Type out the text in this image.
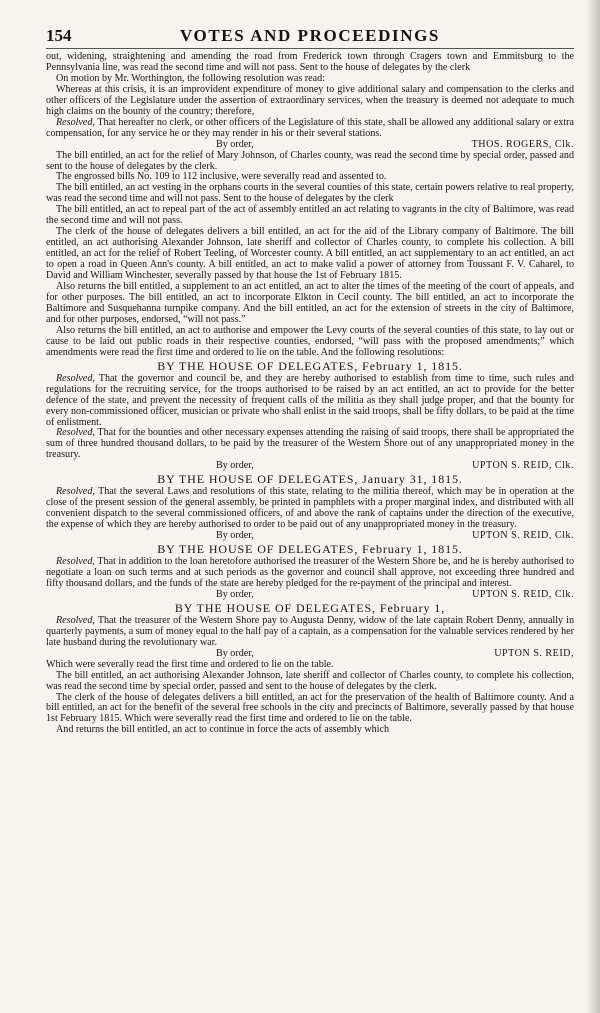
154	VOTES AND PROCEEDINGS

out, widening, straightening and amending the road from Frederick town through Cragers town and Emmitsburg to the Pennsylvania line, was read the second time and will not pass. Sent to the house of delegates by the clerk

On motion by Mr. Worthington, the following resolution was read:

Whereas at this crisis, it is an improvident expenditure of money to give additional salary and compensation to the clerks and other officers of the Legislature under the assertion of extraordinary services, when the treasury is deemed not adequate to much high claims on the bounty of the country; therefore,

Resolved, That hereafter no clerk, or other officers of the Legislature of this state, shall be allowed any additional salary or extra compensation, for any service he or they may render in his or their several stations.

By order,	THOS. ROGERS, Clk.

The bill entitled, an act for the relief of Mary Johnson, of Charles county, was read the second time by special order, passed and sent to the house of delegates by the clerk.

The engrossed bills No. 109 to 112 inclusive, were severally read and assented to.

The bill entitled, an act vesting in the orphans courts in the several counties of this state, certain powers relative to real property, was read the second time and will not pass. Sent to the house of delegates by the clerk

The bill entitled, an act to repeal part of the act of assembly entitled an act relating to vagrants in the city of Baltimore, was read the second time and will not pass.

The clerk of the house of delegates delivers a bill entitled, an act for the aid of the Library company of Baltimore. The bill entitled, an act authorising Alexander Johnson, late sheriff and collector of Charles county, to complete his collection. A bill entitled, an act for the relief of Robert Teeling, of Worcester county. A bill entitled, an act supplementary to an act entitled, an act to open a road in Queen Ann's county. A bill entitled, an act to make valid a power of attorney from Toussant F. V. Caharel, to David and William Winchester, severally passed by that house the 1st of February 1815.

Also returns the bill entitled, a supplement to an act entitled, an act to alter the times of the meeting of the court of appeals, and for other purposes. The bill entitled, an act to incorporate Elkton in Cecil county. The bill entitled, an act to incorporate the Baltimore and Susquehanna turnpike company. And the bill entitled, an act for the extension of streets in the city of Baltimore, and for other purposes, endorsed, “will not pass.”

Also returns the bill entitled, an act to authorise and empower the Levy courts of the several counties of this state, to lay out or cause to be laid out public roads in their respective counties, endorsed, “will pass with the proposed amendments;” which amendments were read the first time and ordered to lie on the table. And the following resolutions:

BY THE HOUSE OF DELEGATES, February 1, 1815.

Resolved, That the governor and council be, and they are hereby authorised to establish from time to time, such rules and regulations for the recruiting service, for the troops authorised to be raised by an act entitled, an act to provide for the better defence of the state, and prevent the necessity of frequent calls of the militia as they shall judge proper, and that the bounty for every non-commissioned officer, musician or private who shall enlist in the said troops, shall be fifty dollars, to be paid at the time of enlistment.

Resolved, That for the bounties and other necessary expenses attending the raising of said troops, there shall be appropriated the sum of three hundred thousand dollars, to be paid by the treasurer of the Western Shore out of any unappropriated money in the treasury.

By order,	UPTON S. REID, Clk.
BY THE HOUSE OF DELEGATES, January 31, 1815.

Resolved, That the several Laws and resolutions of this state, relating to the militia thereof, which may be in operation at the close of the present session of the general assembly, be printed in pamphlets with a proper marginal index, and distributed with all convenient dispatch to the several commissioned officers, of and above the rank of captains under the direction of the executive, the expense of which they are hereby authorised to order to be paid out of any unappropriated money in the treasury.

By order,	UPTON S. REID, Clk.
BY THE HOUSE OF DELEGATES, February 1, 1815.

Resolved, That in addition to the loan heretofore authorised the treasurer of the Western Shore be, and he is hereby authorised to negotiate a loan on such terms and at such periods as the governor and council shall approve, not exceeding three hundred and fifty thousand dollars, and the funds of the state are hereby pledged for the re-payment of the principal and interest.

By order,	UPTON S. REID, Clk.
BY THE HOUSE OF DELEGATES, February 1,

Resolved, That the treasurer of the Western Shore pay to Augusta Denny, widow of the late captain Robert Denny, annually in quarterly payments, a sum of money equal to the half pay of a captain, as a compensation for the valuable services rendered by her late husband during the revolutionary war.

By order,	UPTON S. REID,

Which were severally read the first time and ordered to lie on the table.

The bill entitled, an act authorising Alexander Johnson, late sheriff and collector of Charles county, to complete his collection, was read the second time by special order, passed and sent to the house of delegates by the clerk.

The clerk of the house of delegates delivers a bill entitled, an act for the preservation of the health of Baltimore county. And a bill entitled, an act for the benefit of the several free schools in the city and precincts of Baltimore, severally passed by that house 1st February 1815. Which were severally read the first time and ordered to lie on the table.

And returns the bill entitled, an act to continue in force the acts of assembly which
